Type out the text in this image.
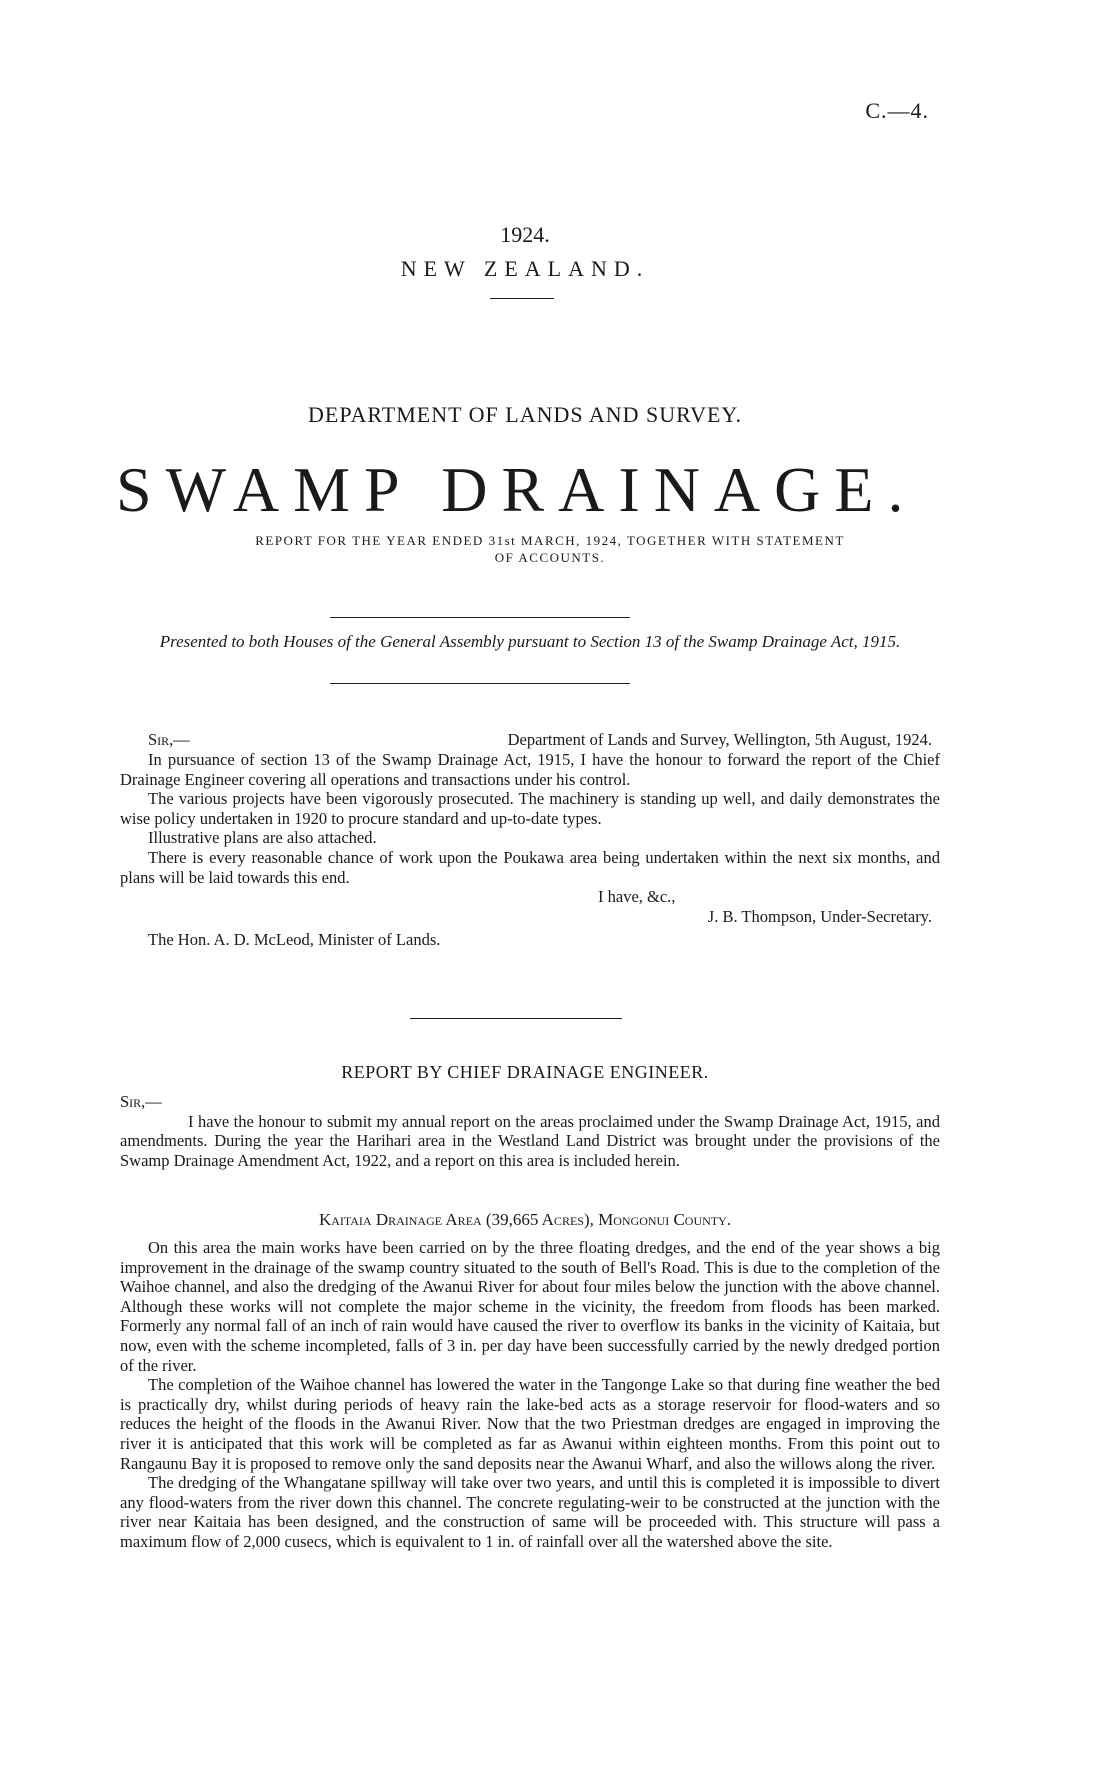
C.—4.
1924.
NEW ZEALAND.
DEPARTMENT OF LANDS AND SURVEY.
SWAMP DRAINAGE.
REPORT FOR THE YEAR ENDED 31st MARCH, 1924, TOGETHER WITH STATEMENT
OF ACCOUNTS.
Presented to both Houses of the General Assembly pursuant to Section 13 of the Swamp Drainage Act, 1915.
Sir,—	Department of Lands and Survey, Wellington, 5th August, 1924.
In pursuance of section 13 of the Swamp Drainage Act, 1915, I have the honour to forward the report of the Chief Drainage Engineer covering all operations and transactions under his control.
The various projects have been vigorously prosecuted. The machinery is standing up well, and daily demonstrates the wise policy undertaken in 1920 to procure standard and up-to-date types.
Illustrative plans are also attached.
There is every reasonable chance of work upon the Poukawa area being undertaken within the next six months, and plans will be laid towards this end.
I have, &c.,
J. B. Thompson, Under-Secretary.
The Hon. A. D. McLeod, Minister of Lands.
REPORT BY CHIEF DRAINAGE ENGINEER.
Sir,—
I have the honour to submit my annual report on the areas proclaimed under the Swamp Drainage Act, 1915, and amendments. During the year the Harihari area in the Westland Land District was brought under the provisions of the Swamp Drainage Amendment Act, 1922, and a report on this area is included herein.
Kaitaia Drainage Area (39,665 Acres), Mongonui County.
On this area the main works have been carried on by the three floating dredges, and the end of the year shows a big improvement in the drainage of the swamp country situated to the south of Bell's Road. This is due to the completion of the Waihoe channel, and also the dredging of the Awanui River for about four miles below the junction with the above channel. Although these works will not complete the major scheme in the vicinity, the freedom from floods has been marked. Formerly any normal fall of an inch of rain would have caused the river to overflow its banks in the vicinity of Kaitaia, but now, even with the scheme incompleted, falls of 3 in. per day have been successfully carried by the newly dredged portion of the river.
The completion of the Waihoe channel has lowered the water in the Tangonge Lake so that during fine weather the bed is practically dry, whilst during periods of heavy rain the lake-bed acts as a storage reservoir for flood-waters and so reduces the height of the floods in the Awanui River. Now that the two Priestman dredges are engaged in improving the river it is anticipated that this work will be completed as far as Awanui within eighteen months. From this point out to Rangaunu Bay it is proposed to remove only the sand deposits near the Awanui Wharf, and also the willows along the river.
The dredging of the Whangatane spillway will take over two years, and until this is completed it is impossible to divert any flood-waters from the river down this channel. The concrete regulating-weir to be constructed at the junction with the river near Kaitaia has been designed, and the construction of same will be proceeded with. This structure will pass a maximum flow of 2,000 cusecs, which is equivalent to 1 in. of rainfall over all the watershed above the site.
